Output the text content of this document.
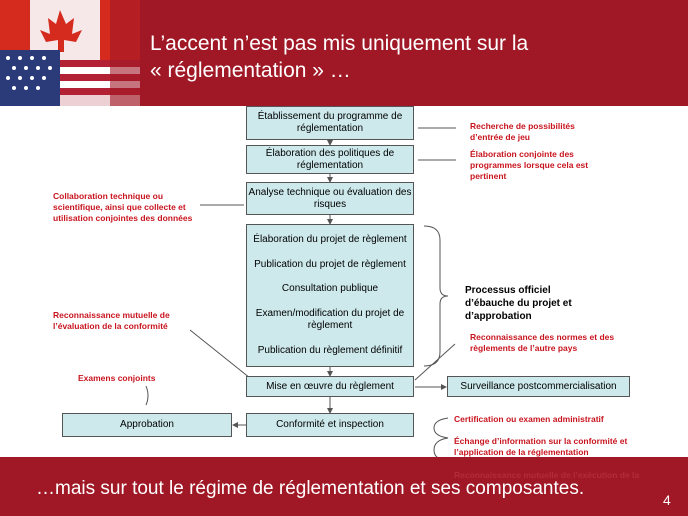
L’accent n’est pas mis uniquement sur la
« réglementation » …
Établissement du programme de réglementation
Élaboration des politiques de réglementation
Analyse technique ou évaluation des risques
Élaboration du projet de règlement
Publication du projet de règlement
Consultation publique
Examen/modification du projet de règlement
Publication du règlement définitif
Mise en œuvre du règlement
Conformité et inspection
Surveillance postcommercialisation
Approbation
Processus officiel d’ébauche du projet et d’approbation
Recherche de possibilités d’entrée de jeu
Élaboration conjointe des programmes lorsque cela est pertinent
Collaboration technique ou scientifique, ainsi que collecte et utilisation conjointes des données
Reconnaissance mutuelle de l’évaluation de la conformité
Reconnaissance des normes et des règlements de l’autre pays
Examens conjoints
Certification ou examen administratif
Échange d’information sur la conformité et l’application de la réglementation
Reconnaissance mutuelle de l’exécution de la
…mais sur tout le régime de réglementation et ses composantes.
4
